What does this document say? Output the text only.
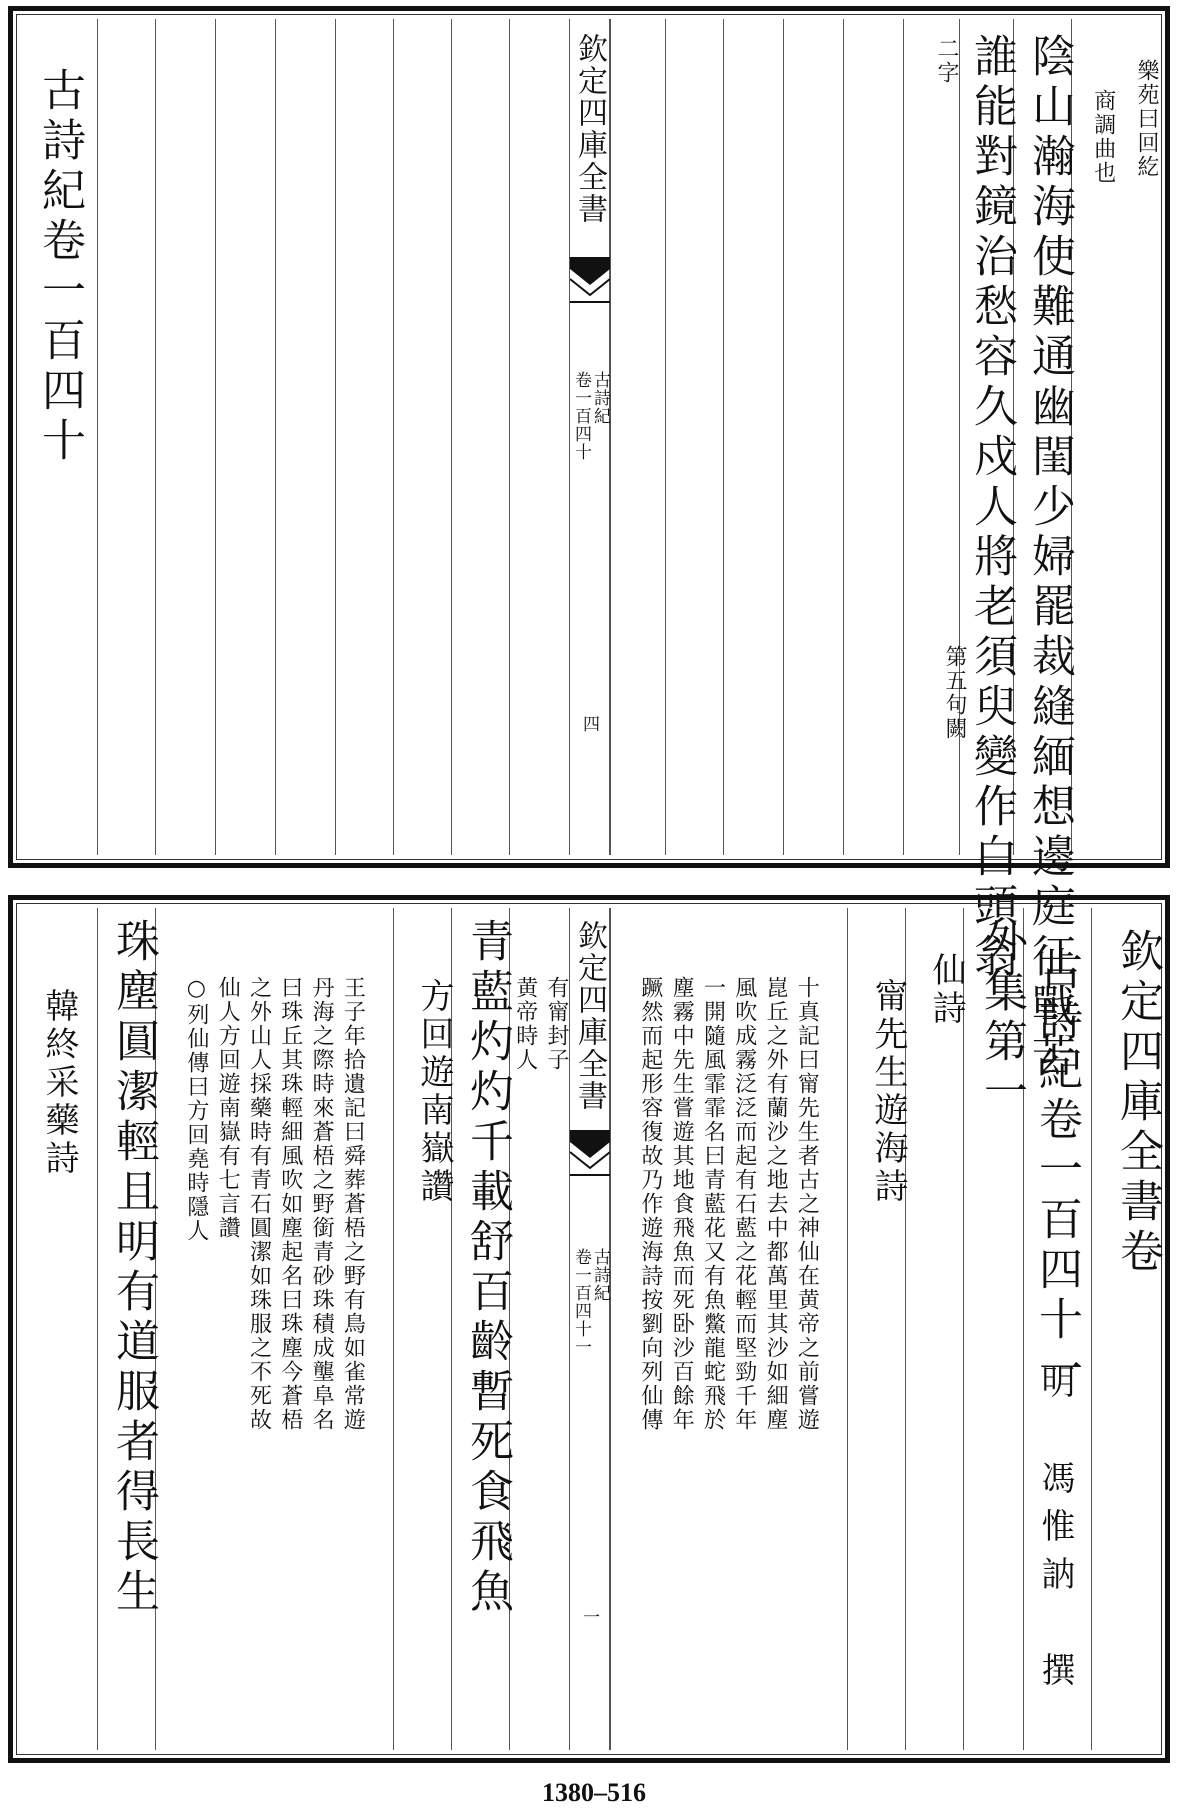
樂苑曰回紇
商調曲也
陰山瀚海使難通幽閨少婦罷裁縫緬想邊庭征戰苦
誰能對鏡治愁容久戍人將老須臾變作白頭翁
第五句闕
二字
欽定四庫全書
古詩紀
卷一百四十
四
古詩紀卷一百四十
欽定四庫全書卷
古詩紀卷一百四十一
明　馮惟訥　撰
外集第一
仙詩
甯先生遊海詩
十真記曰甯先生者古之神仙在黄帝之前嘗遊
崑丘之外有蘭沙之地去中都萬里其沙如細塵
風吹成霧泛泛而起有石藍之花輕而堅勁千年
一開隨風霏霏名曰青藍花又有魚鱉龍蛇飛於
塵霧中先生嘗遊其地食飛魚而死卧沙百餘年
蹶然而起形容復故乃作遊海詩按劉向列仙傳
欽定四庫全書
古詩紀
卷一百四十一
一
有甯封子
黄帝時人
青藍灼灼千載舒百齡暫死食飛魚
方回遊南嶽讚
王子年拾遺記曰舜葬蒼梧之野有鳥如雀常遊
丹海之際時來蒼梧之野銜青砂珠積成壟阜名
曰珠丘其珠輕細風吹如塵起名曰珠塵今蒼梧
之外山人採藥時有青石圓潔如珠服之不死故
仙人方回遊南嶽有七言讚
○列仙傳曰方回堯時隱人
珠塵圓潔輕且明有道服者得長生
韓終采藥詩
1380–516
